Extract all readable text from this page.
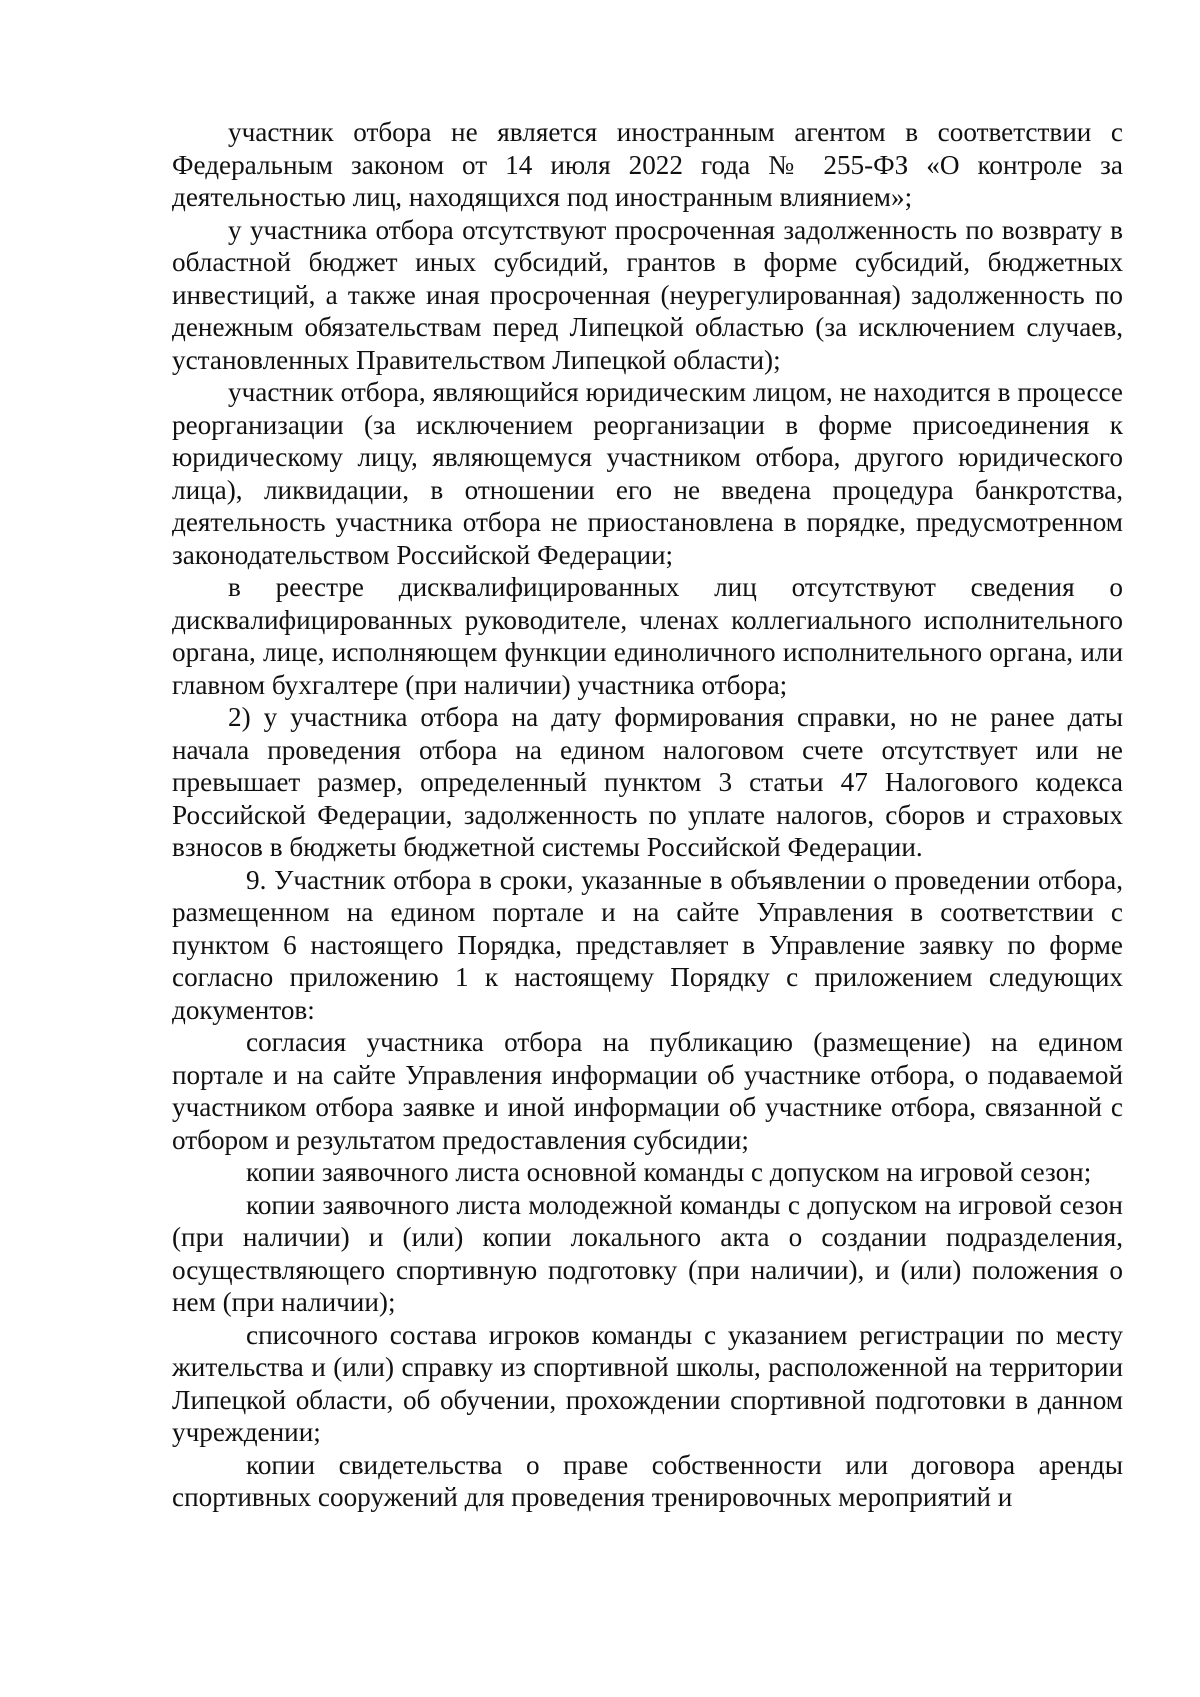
участник отбора не является иностранным агентом в соответствии с Федеральным законом от 14 июля 2022 года № 255-ФЗ «О контроле за деятельностью лиц, находящихся под иностранным влиянием»;

у участника отбора отсутствуют просроченная задолженность по возврату в областной бюджет иных субсидий, грантов в форме субсидий, бюджетных инвестиций, а также иная просроченная (неурегулированная) задолженность по денежным обязательствам перед Липецкой областью (за исключением случаев, установленных Правительством Липецкой области);

участник отбора, являющийся юридическим лицом, не находится в процессе реорганизации (за исключением реорганизации в форме присоединения к юридическому лицу, являющемуся участником отбора, другого юридического лица), ликвидации, в отношении его не введена процедура банкротства, деятельность участника отбора не приостановлена в порядке, предусмотренном законодательством Российской Федерации;

в реестре дисквалифицированных лиц отсутствуют сведения о дисквалифицированных руководителе, членах коллегиального исполнительного органа, лице, исполняющем функции единоличного исполнительного органа, или главном бухгалтере (при наличии) участника отбора;

2) у участника отбора на дату формирования справки, но не ранее даты начала проведения отбора на едином налоговом счете отсутствует или не превышает размер, определенный пунктом 3 статьи 47 Налогового кодекса Российской Федерации, задолженность по уплате налогов, сборов и страховых взносов в бюджеты бюджетной системы Российской Федерации.

9. Участник отбора в сроки, указанные в объявлении о проведении отбора, размещенном на едином портале и на сайте Управления в соответствии с пунктом 6 настоящего Порядка, представляет в Управление заявку по форме согласно приложению 1 к настоящему Порядку с приложением следующих документов:

согласия участника отбора на публикацию (размещение) на едином портале и на сайте Управления информации об участнике отбора, о подаваемой участником отбора заявке и иной информации об участнике отбора, связанной с отбором и результатом предоставления субсидии;

копии заявочного листа основной команды с допуском на игровой сезон;

копии заявочного листа молодежной команды с допуском на игровой сезон (при наличии) и (или) копии локального акта о создании подразделения, осуществляющего спортивную подготовку (при наличии), и (или) положения о нем (при наличии);

списочного состава игроков команды с указанием регистрации по месту жительства и (или) справку из спортивной школы, расположенной на территории Липецкой области, об обучении, прохождении спортивной подготовки в данном учреждении;

копии свидетельства о праве собственности или договора аренды спортивных сооружений для проведения тренировочных мероприятий и
